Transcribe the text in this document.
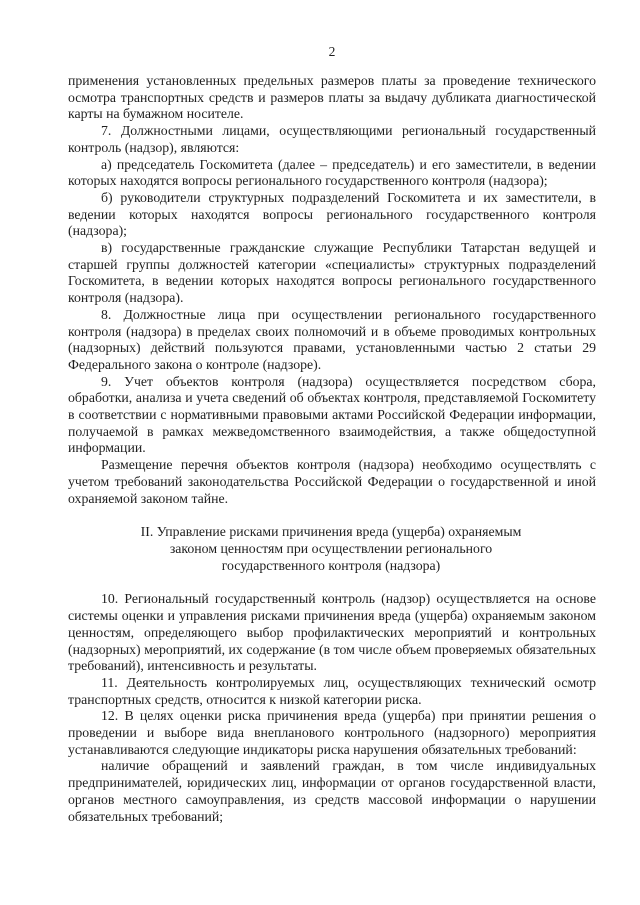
2

применения установленных предельных размеров платы за проведение технического осмотра транспортных средств и размеров платы за выдачу дубликата диагностической карты на бумажном носителе.

7. Должностными лицами, осуществляющими региональный государственный контроль (надзор), являются:

а) председатель Госкомитета (далее – председатель) и его заместители, в ведении которых находятся вопросы регионального государственного контроля (надзора);

б) руководители структурных подразделений Госкомитета и их заместители, в ведении которых находятся вопросы регионального государственного контроля (надзора);

в) государственные гражданские служащие Республики Татарстан ведущей и старшей группы должностей категории «специалисты» структурных подразделений Госкомитета, в ведении которых находятся вопросы регионального государственного контроля (надзора).

8. Должностные лица при осуществлении регионального государственного контроля (надзора) в пределах своих полномочий и в объеме проводимых контрольных (надзорных) действий пользуются правами, установленными частью 2 статьи 29 Федерального закона о контроле (надзоре).

9. Учет объектов контроля (надзора) осуществляется посредством сбора, обработки, анализа и учета сведений об объектах контроля, представляемой Госкомитету в соответствии с нормативными правовыми актами Российской Федерации информации, получаемой в рамках межведомственного взаимодействия, а также общедоступной информации.

Размещение перечня объектов контроля (надзора) необходимо осуществлять с учетом требований законодательства Российской Федерации о государственной и иной охраняемой законом тайне.

II. Управление рисками причинения вреда (ущерба) охраняемым
законом ценностям при осуществлении регионального
государственного контроля (надзора)

10. Региональный государственный контроль (надзор) осуществляется на основе системы оценки и управления рисками причинения вреда (ущерба) охраняемым законом ценностям, определяющего выбор профилактических мероприятий и контрольных (надзорных) мероприятий, их содержание (в том числе объем проверяемых обязательных требований), интенсивность и результаты.

11. Деятельность контролируемых лиц, осуществляющих технический осмотр транспортных средств, относится к низкой категории риска.

12. В целях оценки риска причинения вреда (ущерба) при принятии решения о проведении и выборе вида внепланового контрольного (надзорного) мероприятия устанавливаются следующие индикаторы риска нарушения обязательных требований:

наличие обращений и заявлений граждан, в том числе индивидуальных предпринимателей, юридических лиц, информации от органов государственной власти, органов местного самоуправления, из средств массовой информации о нарушении обязательных требований;
